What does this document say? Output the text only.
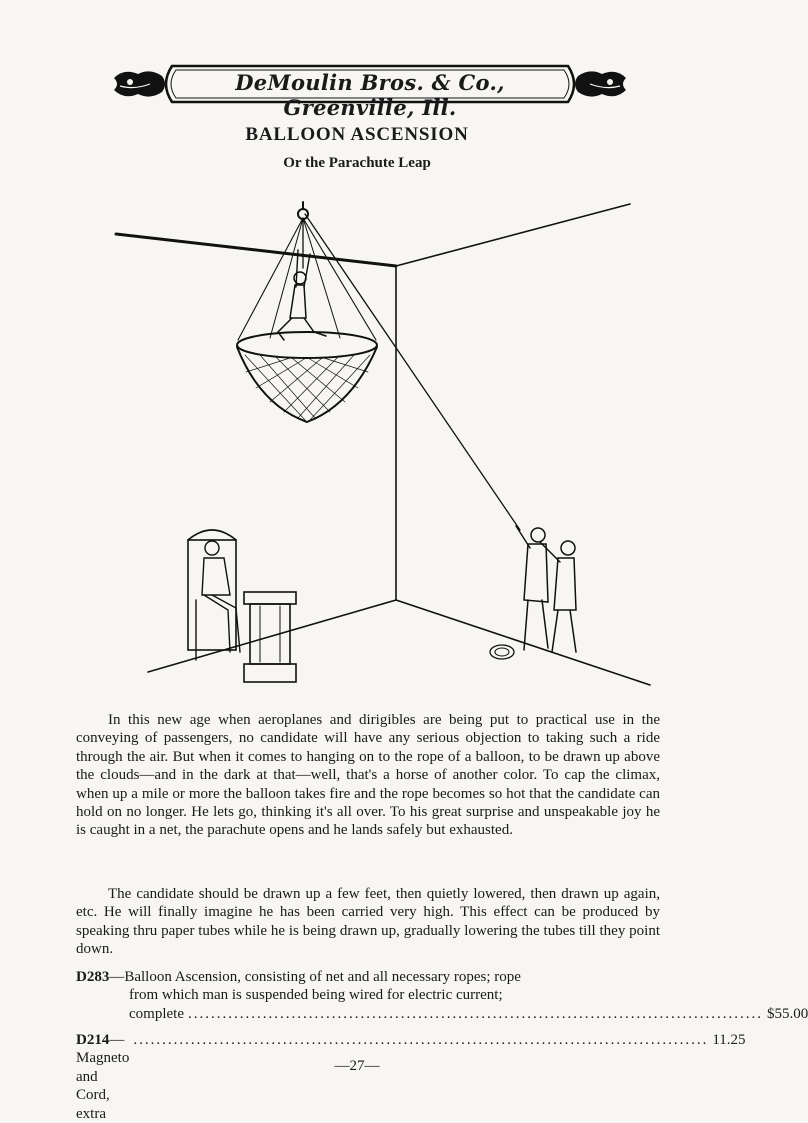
DeMoulin Bros. & Co., Greenville, Ill.
BALLOON ASCENSION
Or the Parachute Leap

In this new age when aeroplanes and dirigibles are being put to practical use in the conveying of passengers, no candidate will have any serious objection to taking such a ride through the air. But when it comes to hanging on to the rope of a balloon, to be drawn up above the clouds—and in the dark at that—well, that's a horse of another color. To cap the climax, when up a mile or more the balloon takes fire and the rope becomes so hot that the candidate can hold on no longer. He lets go, thinking it's all over. To his great surprise and unspeakable joy he is caught in a net, the parachute opens and he lands safely but exhausted.

The candidate should be drawn up a few feet, then quietly lowered, then drawn up again, etc. He will finally imagine he has been carried very high. This effect can be produced by speaking thru paper tubes while he is being drawn up, gradually lowering the tubes till they point down.

D283—Balloon Ascension, consisting of net and all necessary ropes; rope
from which man is suspended being wired for electric current;
complete .................................................................................................... $55.00
D214—Magneto and Cord, extra
.................................................................................................... 11.25
—27—
